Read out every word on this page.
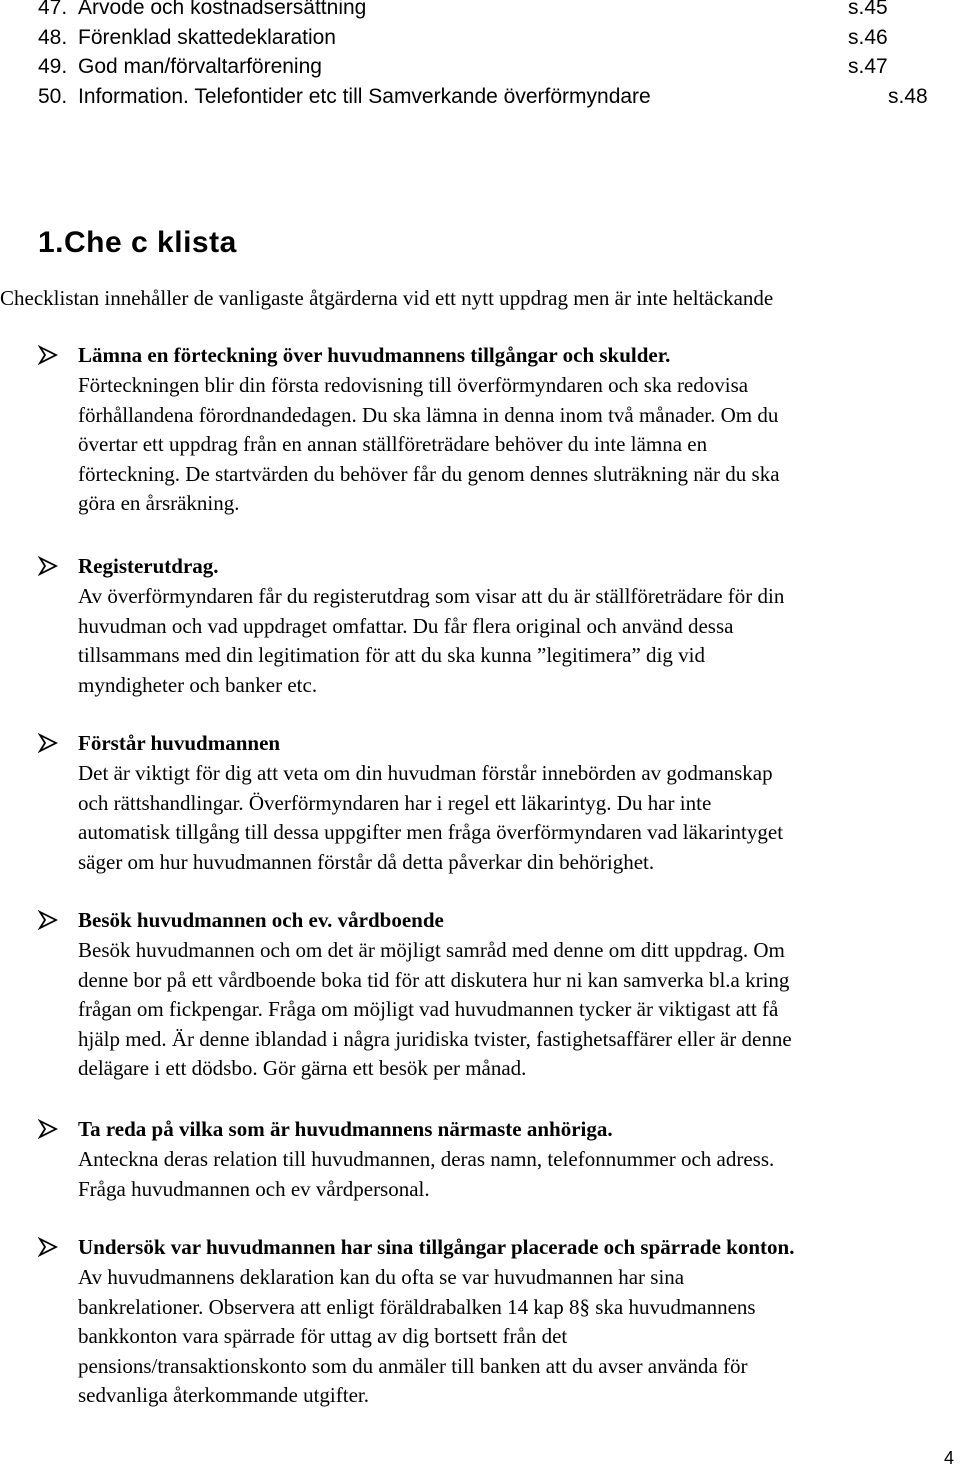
47. Arvode och kostnadsersättning	s.45
48. Förenklad skattedeklaration	s.46
49. God man/förvaltarförening	s.47
50. Information. Telefontider etc till Samverkande överförmyndare	s.48
1.Che c klista
Checklistan innehåller de vanligaste åtgärderna vid ett nytt uppdrag men är inte heltäckande
Lämna en förteckning över huvudmannens tillgångar och skulder.
Förteckningen blir din första redovisning till överförmyndaren och ska redovisa
förhållandena förordnandedagen. Du ska lämna in denna inom två månader. Om du
övertar ett uppdrag från en annan ställföreträdare behöver du inte lämna en
förteckning. De startvärden du behöver får du genom dennes sluträkning när du ska
göra en årsräkning.
Registerutdrag.
Av överförmyndaren får du registerutdrag som visar att du är ställföreträdare för din
huvudman och vad uppdraget omfattar. Du får flera original och använd dessa
tillsammans med din legitimation för att du ska kunna ”legitimera” dig vid
myndigheter och banker etc.
Förstår huvudmannen
Det är viktigt för dig att veta om din huvudman förstår innebörden av godmanskap
och rättshandlingar. Överförmyndaren har i regel ett läkarintyg. Du har inte
automatisk tillgång till dessa uppgifter men fråga överförmyndaren vad läkarintyget
säger om hur huvudmannen förstår då detta påverkar din behörighet.
Besök huvudmannen och ev. vårdboende
Besök huvudmannen och om det är möjligt samråd med denne om ditt uppdrag. Om
denne bor på ett vårdboende boka tid för att diskutera hur ni kan samverka bl.a kring
frågan om fickpengar. Fråga om möjligt vad huvudmannen tycker är viktigast att få
hjälp med. Är denne iblandad i några juridiska tvister, fastighetsaffärer eller är denne
delägare i ett dödsbo. Gör gärna ett besök per månad.
Ta reda på vilka som är huvudmannens närmaste anhöriga.
Anteckna deras relation till huvudmannen, deras namn, telefonnummer och adress.
Fråga huvudmannen och ev vårdpersonal.
Undersök var huvudmannen har sina tillgångar placerade och spärrade konton.
Av huvudmannens deklaration kan du ofta se var huvudmannen har sina
bankrelationer. Observera att enligt föräldrabalken 14 kap 8§ ska huvudmannens
bankkonton vara spärrade för uttag av dig bortsett från det
pensions/transaktionskonto som du anmäler till banken att du avser använda för
sedvanliga återkommande utgifter.
4
